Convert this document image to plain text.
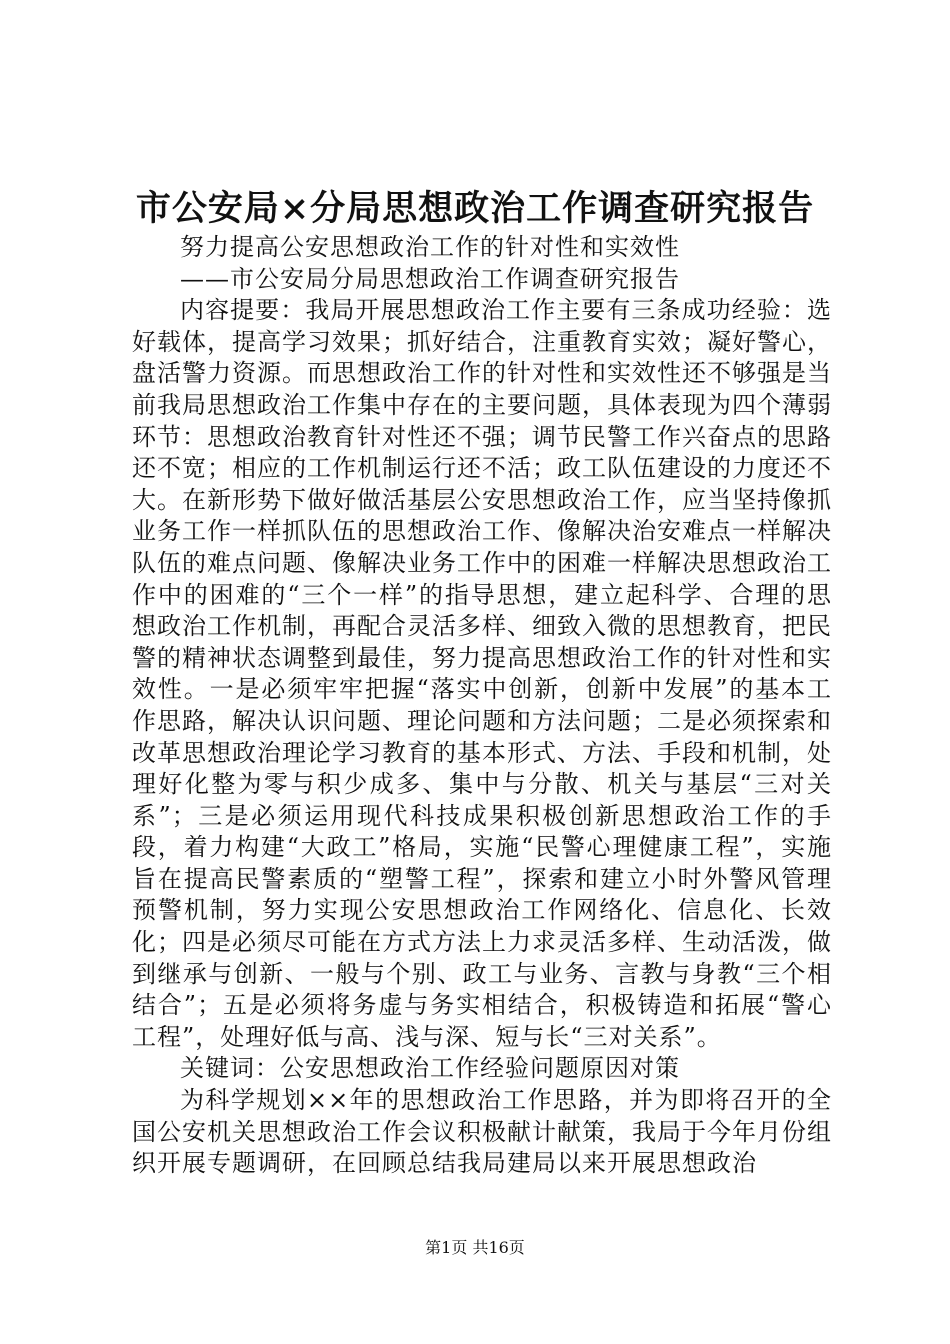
市公安局×分局思想政治工作调查研究报告

努力提高公安思想政治工作的针对性和实效性

——市公安局分局思想政治工作调查研究报告

内容提要：我局开展思想政治工作主要有三条成功经验：选好载体，提高学习效果；抓好结合，注重教育实效；凝好警心，盘活警力资源。而思想政治工作的针对性和实效性还不够强是当前我局思想政治工作集中存在的主要问题，具体表现为四个薄弱环节：思想政治教育针对性还不强；调节民警工作兴奋点的思路还不宽；相应的工作机制运行还不活；政工队伍建设的力度还不大。在新形势下做好做活基层公安思想政治工作，应当坚持像抓业务工作一样抓队伍的思想政治工作、像解决治安难点一样解决队伍的难点问题、像解决业务工作中的困难一样解决思想政治工作中的困难的“三个一样”的指导思想，建立起科学、合理的思想政治工作机制，再配合灵活多样、细致入微的思想教育，把民警的精神状态调整到最佳，努力提高思想政治工作的针对性和实效性。一是必须牢牢把握“落实中创新，创新中发展”的基本工作思路，解决认识问题、理论问题和方法问题；二是必须探索和改革思想政治理论学习教育的基本形式、方法、手段和机制，处理好化整为零与积少成多、集中与分散、机关与基层“三对关系”；三是必须运用现代科技成果积极创新思想政治工作的手段，着力构建“大政工”格局，实施“民警心理健康工程”，实施旨在提高民警素质的“塑警工程”，探索和建立小时外警风管理预警机制，努力实现公安思想政治工作网络化、信息化、长效化；四是必须尽可能在方式方法上力求灵活多样、生动活泼，做到继承与创新、一般与个别、政工与业务、言教与身教“三个相结合”；五是必须将务虚与务实相结合，积极铸造和拓展“警心工程”，处理好低与高、浅与深、短与长“三对关系”。

关键词：公安思想政治工作经验问题原因对策

为科学规划××年的思想政治工作思路，并为即将召开的全国公安机关思想政治工作会议积极献计献策，我局于今年月份组织开展专题调研，在回顾总结我局建局以来开展思想政治

第1页 共16页
